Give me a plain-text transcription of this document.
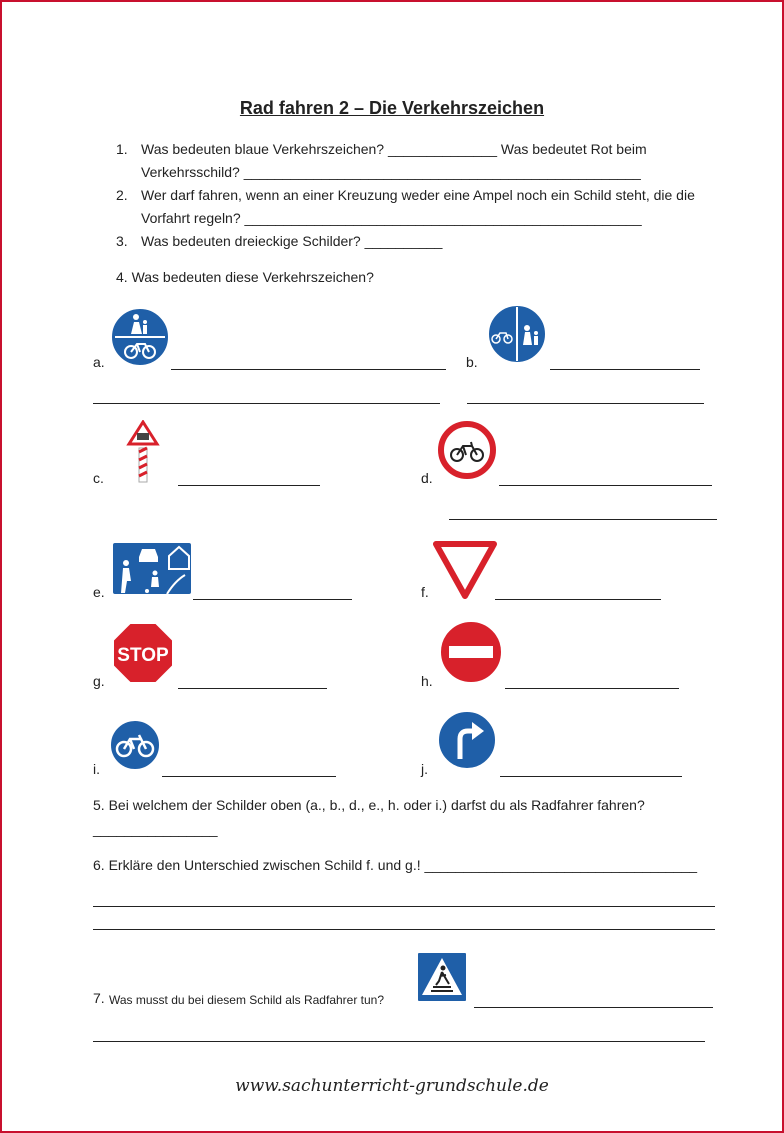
Rad fahren 2 – Die Verkehrszeichen
1. Was bedeuten blaue Verkehrszeichen? ______________ Was bedeutet Rot beim
Verkehrsschild? ___________________________________________________
2. Wer darf fahren, wenn an einer Kreuzung weder eine Ampel noch ein Schild steht, die die
Vorfahrt regeln? ___________________________________________________
3. Was bedeuten dreieckige Schilder? __________
4. Was bedeuten diese Verkehrszeichen?
a.	b.
c.	d.
e.	f.
STOP
g.	h.
i.	j.
5. Bei welchem der Schilder oben (a., b., d., e., h. oder i.) darfst du als Radfahrer fahren?
________________
6. Erkläre den Unterschied zwischen Schild f. und g.! ___________________________________
7. Was musst du bei diesem Schild als Radfahrer tun?
www.sachunterricht-grundschule.de
